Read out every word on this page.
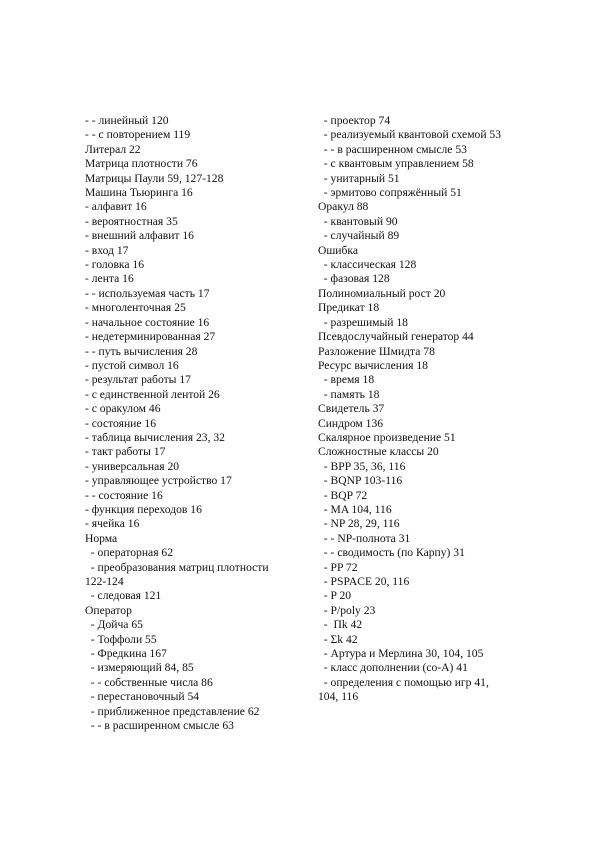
- - линейный 120
- - с повторением 119
Литерал 22
Матрица плотности 76
Матрицы Паули 59, 127-128
Машина Тьюринга 16
- алфавит 16
- вероятностная 35
- внешний алфавит 16
- вход 17
- головка 16
- лента 16
- - используемая часть 17
- многоленточная 25
- начальное состояние 16
- недетерминированная 27
- - путь вычисления 28
- пустой символ 16
- результат работы 17
- с единственной лентой 26
- с оракулом 46
- состояние 16
- таблица вычисления 23, 32
- такт работы 17
- универсальная 20
- управляющее устройство 17
- - состояние 16
- функция переходов 16
- ячейка 16
Норма
- операторная 62
- преобразования матриц плотности
122-124
- следовая 121
Оператор
- Дойча 65
- Тоффоли 55
- Фредкина 167
- измеряющий 84, 85
- - собственные числа 86
- перестановочный 54
- приближенное представление 62
- - в расширенном смысле 63
- проектор 74
- реализуемый квантовой схемой 53
- - в расширенном смысле 53
- с квантовым управлением 58
- унитарный 51
- эрмитово сопряжённый 51
Оракул 88
- квантовый 90
- случайный 89
Ошибка
- классическая 128
- фазовая 128
Полиномиальный рост 20
Предикат 18
- разрешимый 18
Псевдослучайный генератор 44
Разложение Шмидта 78
Ресурс вычисления 18
- время 18
- память 18
Свидетель 37
Синдром 136
Скалярное произведение 51
Сложностные классы 20
- BPP 35, 36, 116
- BQNP 103-116
- BQP 72
- MA 104, 116
- NP 28, 29, 116
- - NP-полнота 31
- - сводимость (по Карпу) 31
- PP 72
- PSPACE 20, 116
- P 20
- P/poly 23
-  Πk 42
- Σk 42
- Артура и Мерлина 30, 104, 105
- класс дополнении (co-A) 41
- определения с помощью игр 41,
104, 116
